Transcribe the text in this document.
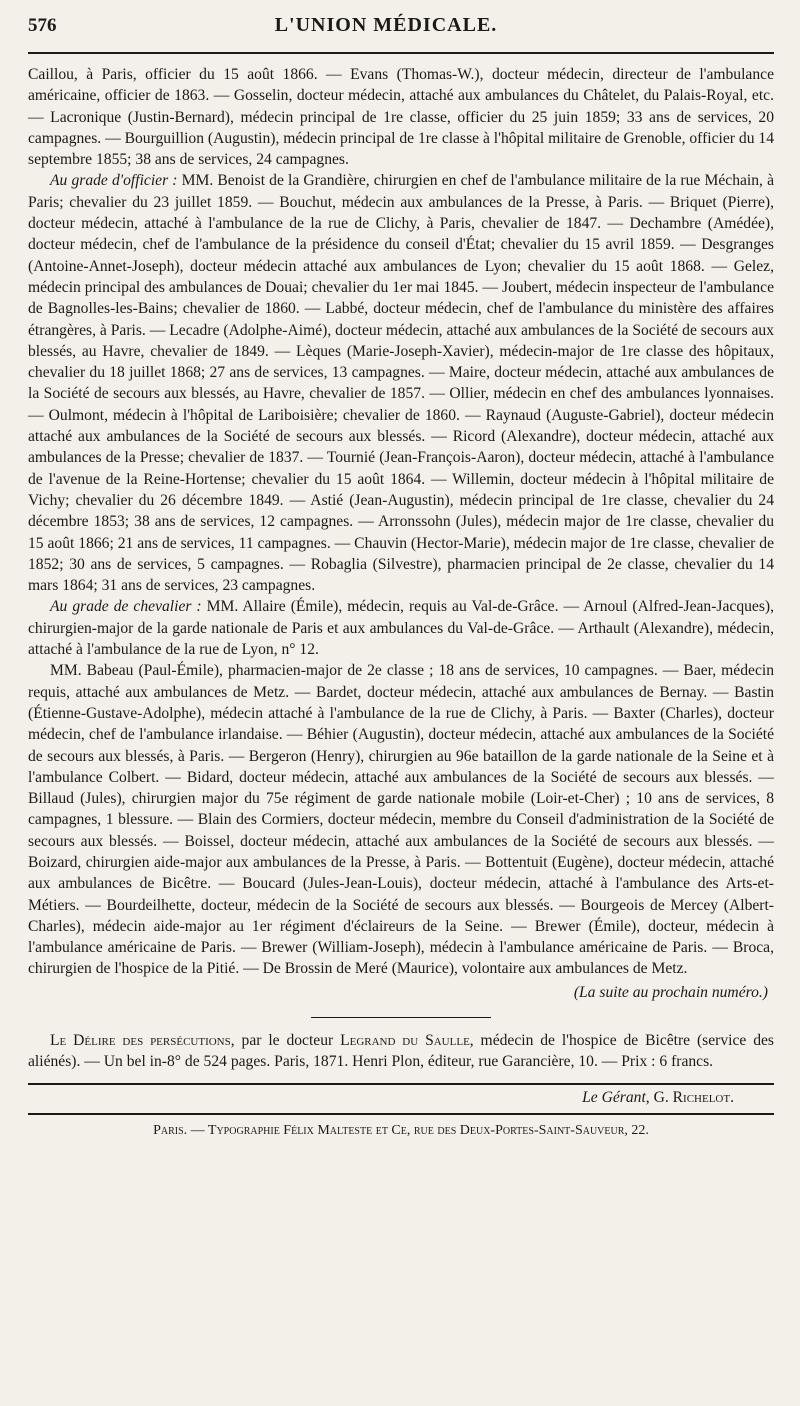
576	L'UNION MÉDICALE.

Caillou, à Paris, officier du 15 août 1866. — Evans (Thomas-W.), docteur médecin, directeur de l'ambulance américaine, officier de 1863. — Gosselin, docteur médecin, attaché aux ambulances du Châtelet, du Palais-Royal, etc. — Lacronique (Justin-Bernard), médecin principal de 1re classe, officier du 25 juin 1859; 33 ans de services, 20 campagnes. — Bourguillion (Augustin), médecin principal de 1re classe à l'hôpital militaire de Grenoble, officier du 14 septembre 1855; 38 ans de services, 24 campagnes.

Au grade d'officier : MM. Benoist de la Grandière, chirurgien en chef de l'ambulance militaire de la rue Méchain, à Paris; chevalier du 23 juillet 1859. — Bouchut, médecin aux ambulances de la Presse, à Paris. — Briquet (Pierre), docteur médecin, attaché à l'ambulance de la rue de Clichy, à Paris, chevalier de 1847. — Dechambre (Amédée), docteur médecin, chef de l'ambulance de la présidence du conseil d'État; chevalier du 15 avril 1859. — Desgranges (Antoine-Annet-Joseph), docteur médecin attaché aux ambulances de Lyon; chevalier du 15 août 1868. — Gelez, médecin principal des ambulances de Douai; chevalier du 1er mai 1845. — Joubert, médecin inspecteur de l'ambulance de Bagnolles-les-Bains; chevalier de 1860. — Labbé, docteur médecin, chef de l'ambulance du ministère des affaires étrangères, à Paris. — Lecadre (Adolphe-Aimé), docteur médecin, attaché aux ambulances de la Société de secours aux blessés, au Havre, chevalier de 1849. — Lèques (Marie-Joseph-Xavier), médecin-major de 1re classe des hôpitaux, chevalier du 18 juillet 1868; 27 ans de services, 13 campagnes. — Maire, docteur médecin, attaché aux ambulances de la Société de secours aux blessés, au Havre, chevalier de 1857. — Ollier, médecin en chef des ambulances lyonnaises. — Oulmont, médecin à l'hôpital de Lariboisière; chevalier de 1860. — Raynaud (Auguste-Gabriel), docteur médecin attaché aux ambulances de la Société de secours aux blessés. — Ricord (Alexandre), docteur médecin, attaché aux ambulances de la Presse; chevalier de 1837. — Tournié (Jean-François-Aaron), docteur médecin, attaché à l'ambulance de l'avenue de la Reine-Hortense; chevalier du 15 août 1864. — Willemin, docteur médecin à l'hôpital militaire de Vichy; chevalier du 26 décembre 1849. — Astié (Jean-Augustin), médecin principal de 1re classe, chevalier du 24 décembre 1853; 38 ans de services, 12 campagnes. — Arronssohn (Jules), médecin major de 1re classe, chevalier du 15 août 1866; 21 ans de services, 11 campagnes. — Chauvin (Hector-Marie), médecin major de 1re classe, chevalier de 1852; 30 ans de services, 5 campagnes. — Robaglia (Silvestre), pharmacien principal de 2e classe, chevalier du 14 mars 1864; 31 ans de services, 23 campagnes.

Au grade de chevalier : MM. Allaire (Émile), médecin, requis au Val-de-Grâce. — Arnoul (Alfred-Jean-Jacques), chirurgien-major de la garde nationale de Paris et aux ambulances du Val-de-Grâce. — Arthault (Alexandre), médecin, attaché à l'ambulance de la rue de Lyon, n° 12.

MM. Babeau (Paul-Émile), pharmacien-major de 2e classe ; 18 ans de services, 10 campagnes. — Baer, médecin requis, attaché aux ambulances de Metz. — Bardet, docteur médecin, attaché aux ambulances de Bernay. — Bastin (Étienne-Gustave-Adolphe), médecin attaché à l'ambulance de la rue de Clichy, à Paris. — Baxter (Charles), docteur médecin, chef de l'ambulance irlandaise. — Béhier (Augustin), docteur médecin, attaché aux ambulances de la Société de secours aux blessés, à Paris. — Bergeron (Henry), chirurgien au 96e bataillon de la garde nationale de la Seine et à l'ambulance Colbert. — Bidard, docteur médecin, attaché aux ambulances de la Société de secours aux blessés. — Billaud (Jules), chirurgien major du 75e régiment de garde nationale mobile (Loir-et-Cher) ; 10 ans de services, 8 campagnes, 1 blessure. — Blain des Cormiers, docteur médecin, membre du Conseil d'administration de la Société de secours aux blessés. — Boissel, docteur médecin, attaché aux ambulances de la Société de secours aux blessés. — Boizard, chirurgien aide-major aux ambulances de la Presse, à Paris. — Bottentuit (Eugène), docteur médecin, attaché aux ambulances de Bicêtre. — Boucard (Jules-Jean-Louis), docteur médecin, attaché à l'ambulance des Arts-et-Métiers. — Bourdeilhette, docteur, médecin de la Société de secours aux blessés. — Bourgeois de Mercey (Albert-Charles), médecin aide-major au 1er régiment d'éclaireurs de la Seine. — Brewer (Émile), docteur, médecin à l'ambulance américaine de Paris. — Brewer (William-Joseph), médecin à l'ambulance américaine de Paris. — Broca, chirurgien de l'hospice de la Pitié. — De Brossin de Meré (Maurice), volontaire aux ambulances de Metz.

(La suite au prochain numéro.)

Le Délire des persécutions, par le docteur Legrand du Saulle, médecin de l'hospice de Bicêtre (service des aliénés). — Un bel in-8° de 524 pages. Paris, 1871. Henri Plon, éditeur, rue Garancière, 10. — Prix : 6 francs.

Le Gérant, G. Richelot.
Paris. — Typographie Félix Malteste et Ce, rue des Deux-Portes-Saint-Sauveur, 22.
